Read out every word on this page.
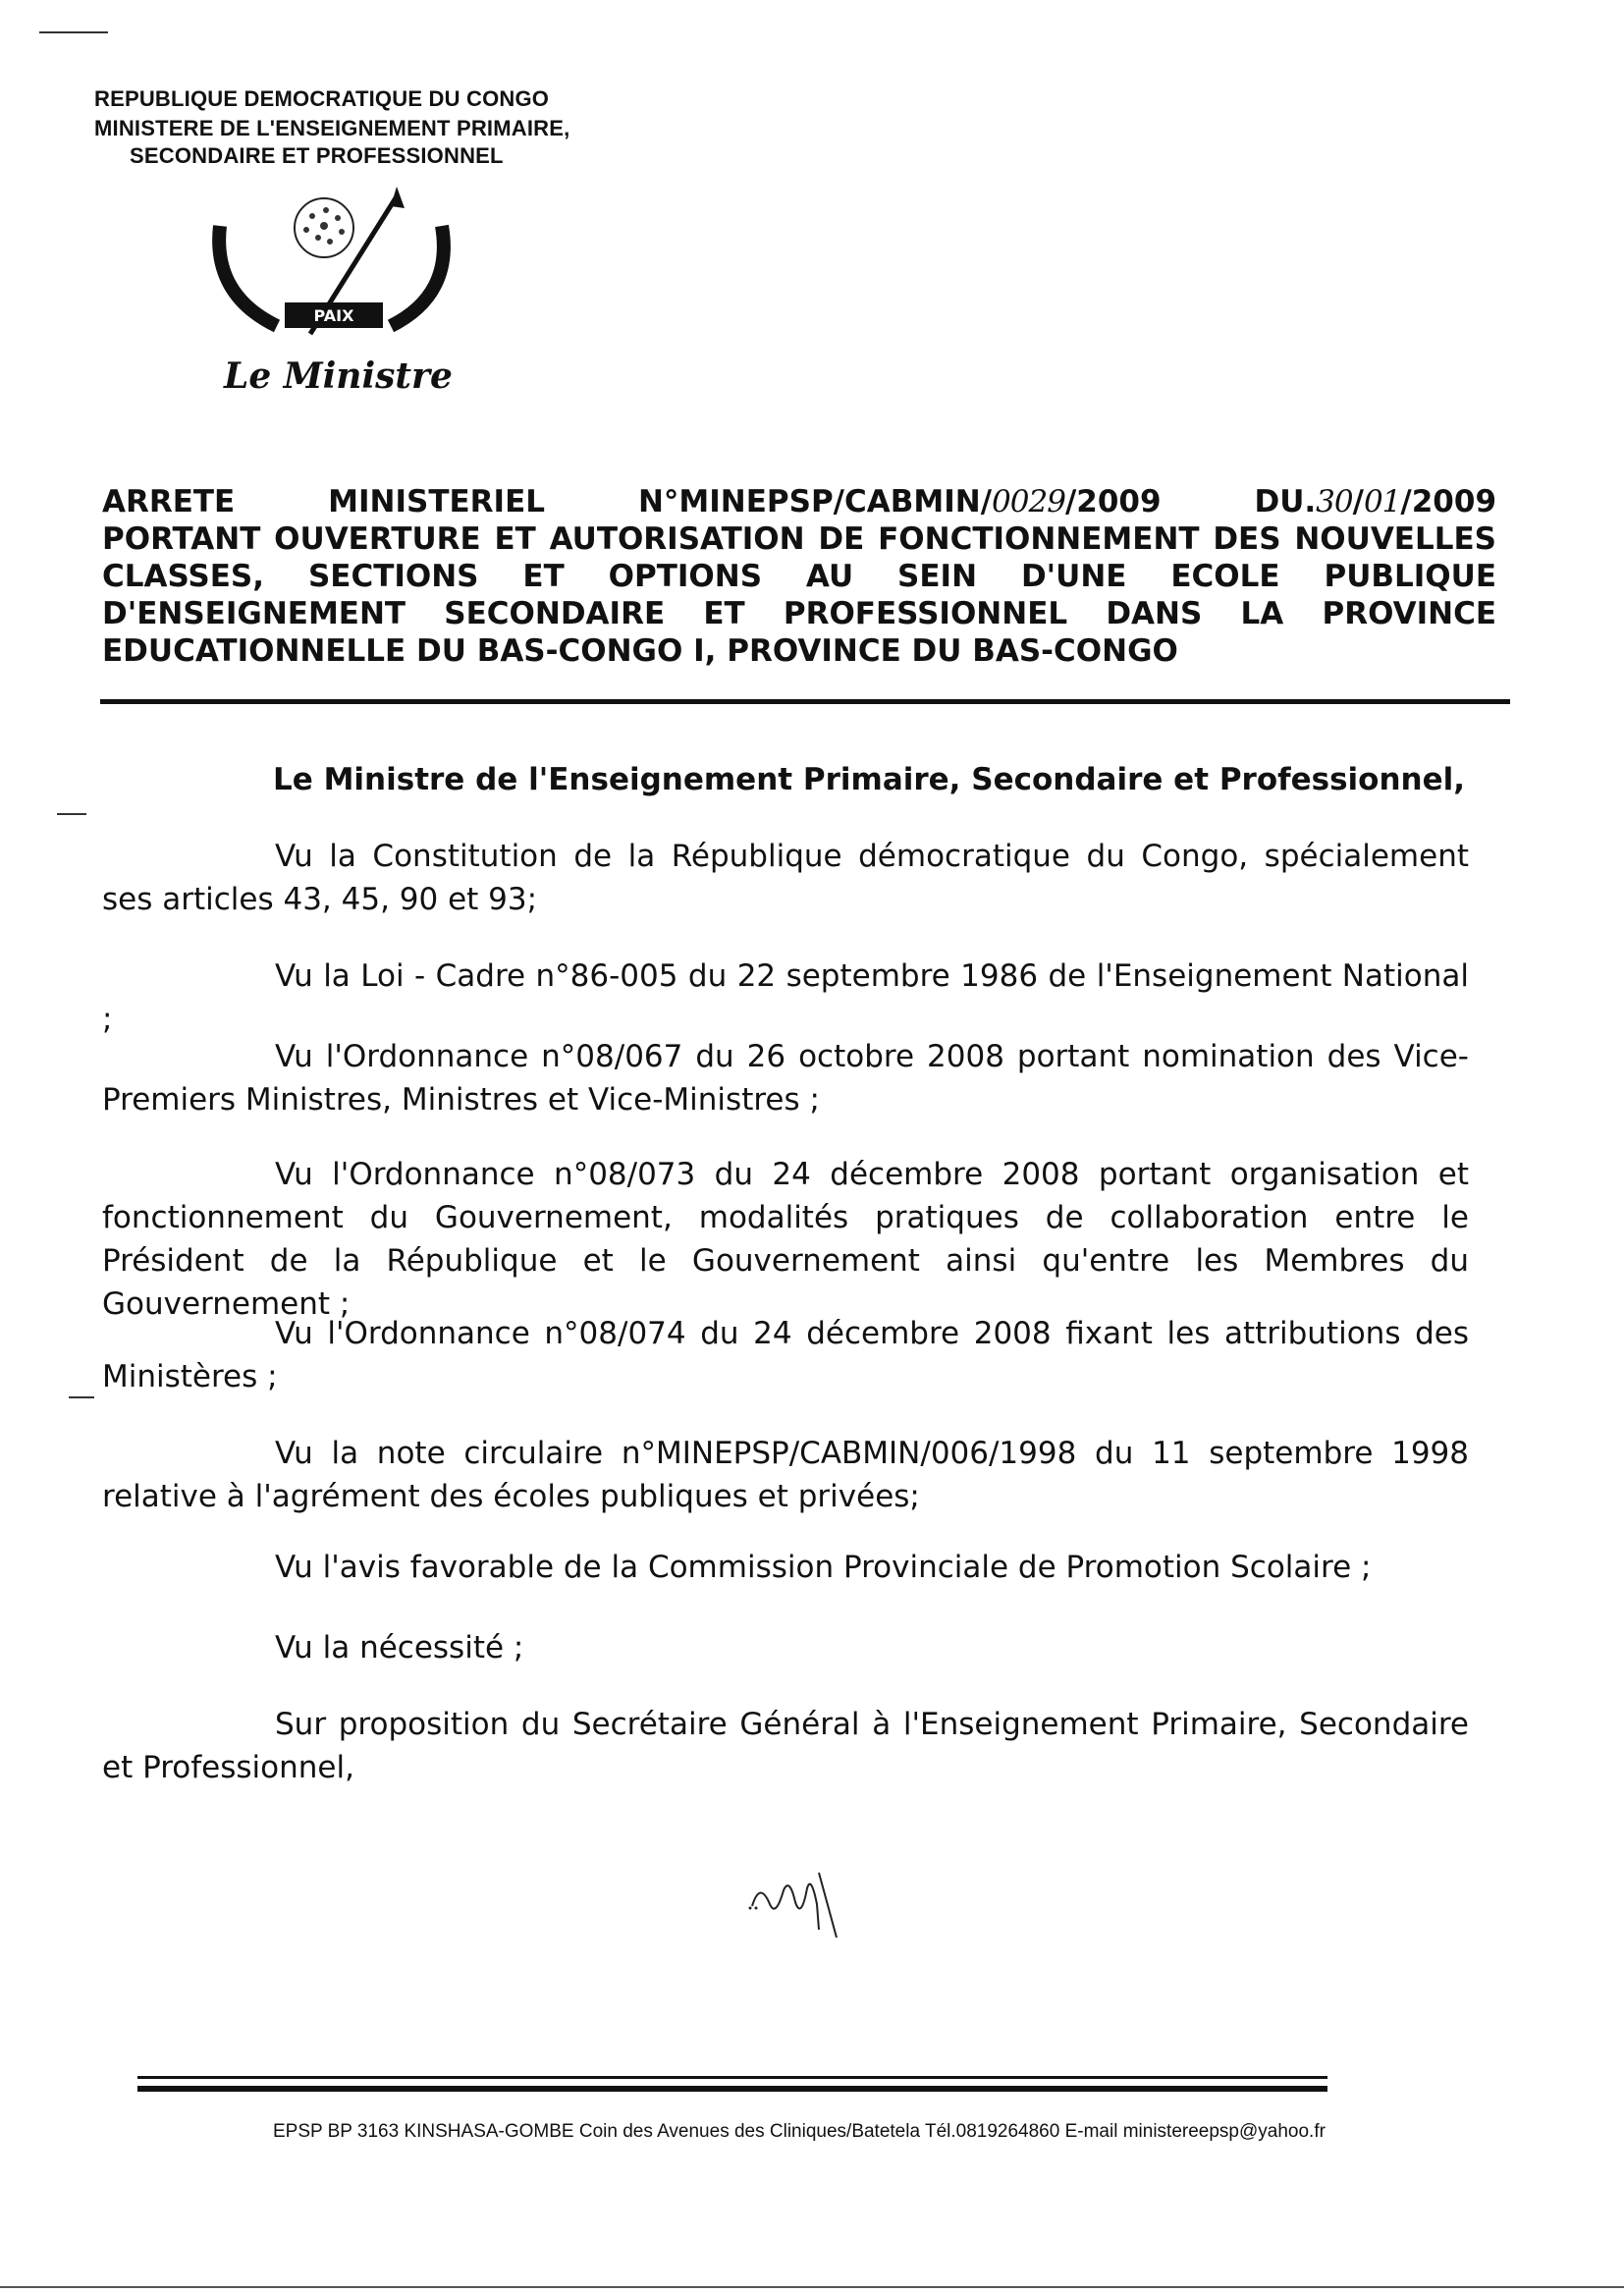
REPUBLIQUE DEMOCRATIQUE DU CONGO
MINISTERE DE L'ENSEIGNEMENT PRIMAIRE,
SECONDAIRE ET PROFESSIONNEL
PAIX
Le Ministre
ARRETE	MINISTERIEL	N°MINEPSP/CABMIN/0029/2009	DU.30/01/2009
PORTANT OUVERTURE ET AUTORISATION DE FONCTIONNEMENT DES NOUVELLES
CLASSES, SECTIONS ET OPTIONS AU SEIN D'UNE ECOLE PUBLIQUE
D'ENSEIGNEMENT SECONDAIRE ET PROFESSIONNEL DANS LA PROVINCE
EDUCATIONNELLE DU BAS-CONGO I, PROVINCE DU BAS-CONGO
Le Ministre de l'Enseignement Primaire, Secondaire et Professionnel,
Vu la Constitution de la République démocratique du Congo, spécialement ses articles 43, 45, 90 et 93;
Vu la Loi - Cadre n°86-005 du 22 septembre 1986 de l'Enseignement National ;
Vu l'Ordonnance n°08/067 du 26 octobre 2008 portant nomination des Vice-Premiers Ministres, Ministres et Vice-Ministres ;
Vu l'Ordonnance n°08/073 du 24 décembre 2008 portant organisation et fonctionnement du Gouvernement, modalités pratiques de collaboration entre le Président de la République et le Gouvernement ainsi qu'entre les Membres du Gouvernement ;
Vu l'Ordonnance n°08/074 du 24 décembre 2008 fixant les attributions des Ministères ;
Vu la note circulaire n°MINEPSP/CABMIN/006/1998 du 11 septembre 1998 relative à l'agrément des écoles publiques et privées;
Vu l'avis favorable de la Commission Provinciale de Promotion Scolaire ;
Vu la nécessité ;
Sur proposition du Secrétaire Général à l'Enseignement Primaire, Secondaire et Professionnel,
EPSP BP 3163 KINSHASA-GOMBE Coin des Avenues des Cliniques/Batetela Tél.0819264860 E-mail ministereepsp@yahoo.fr
